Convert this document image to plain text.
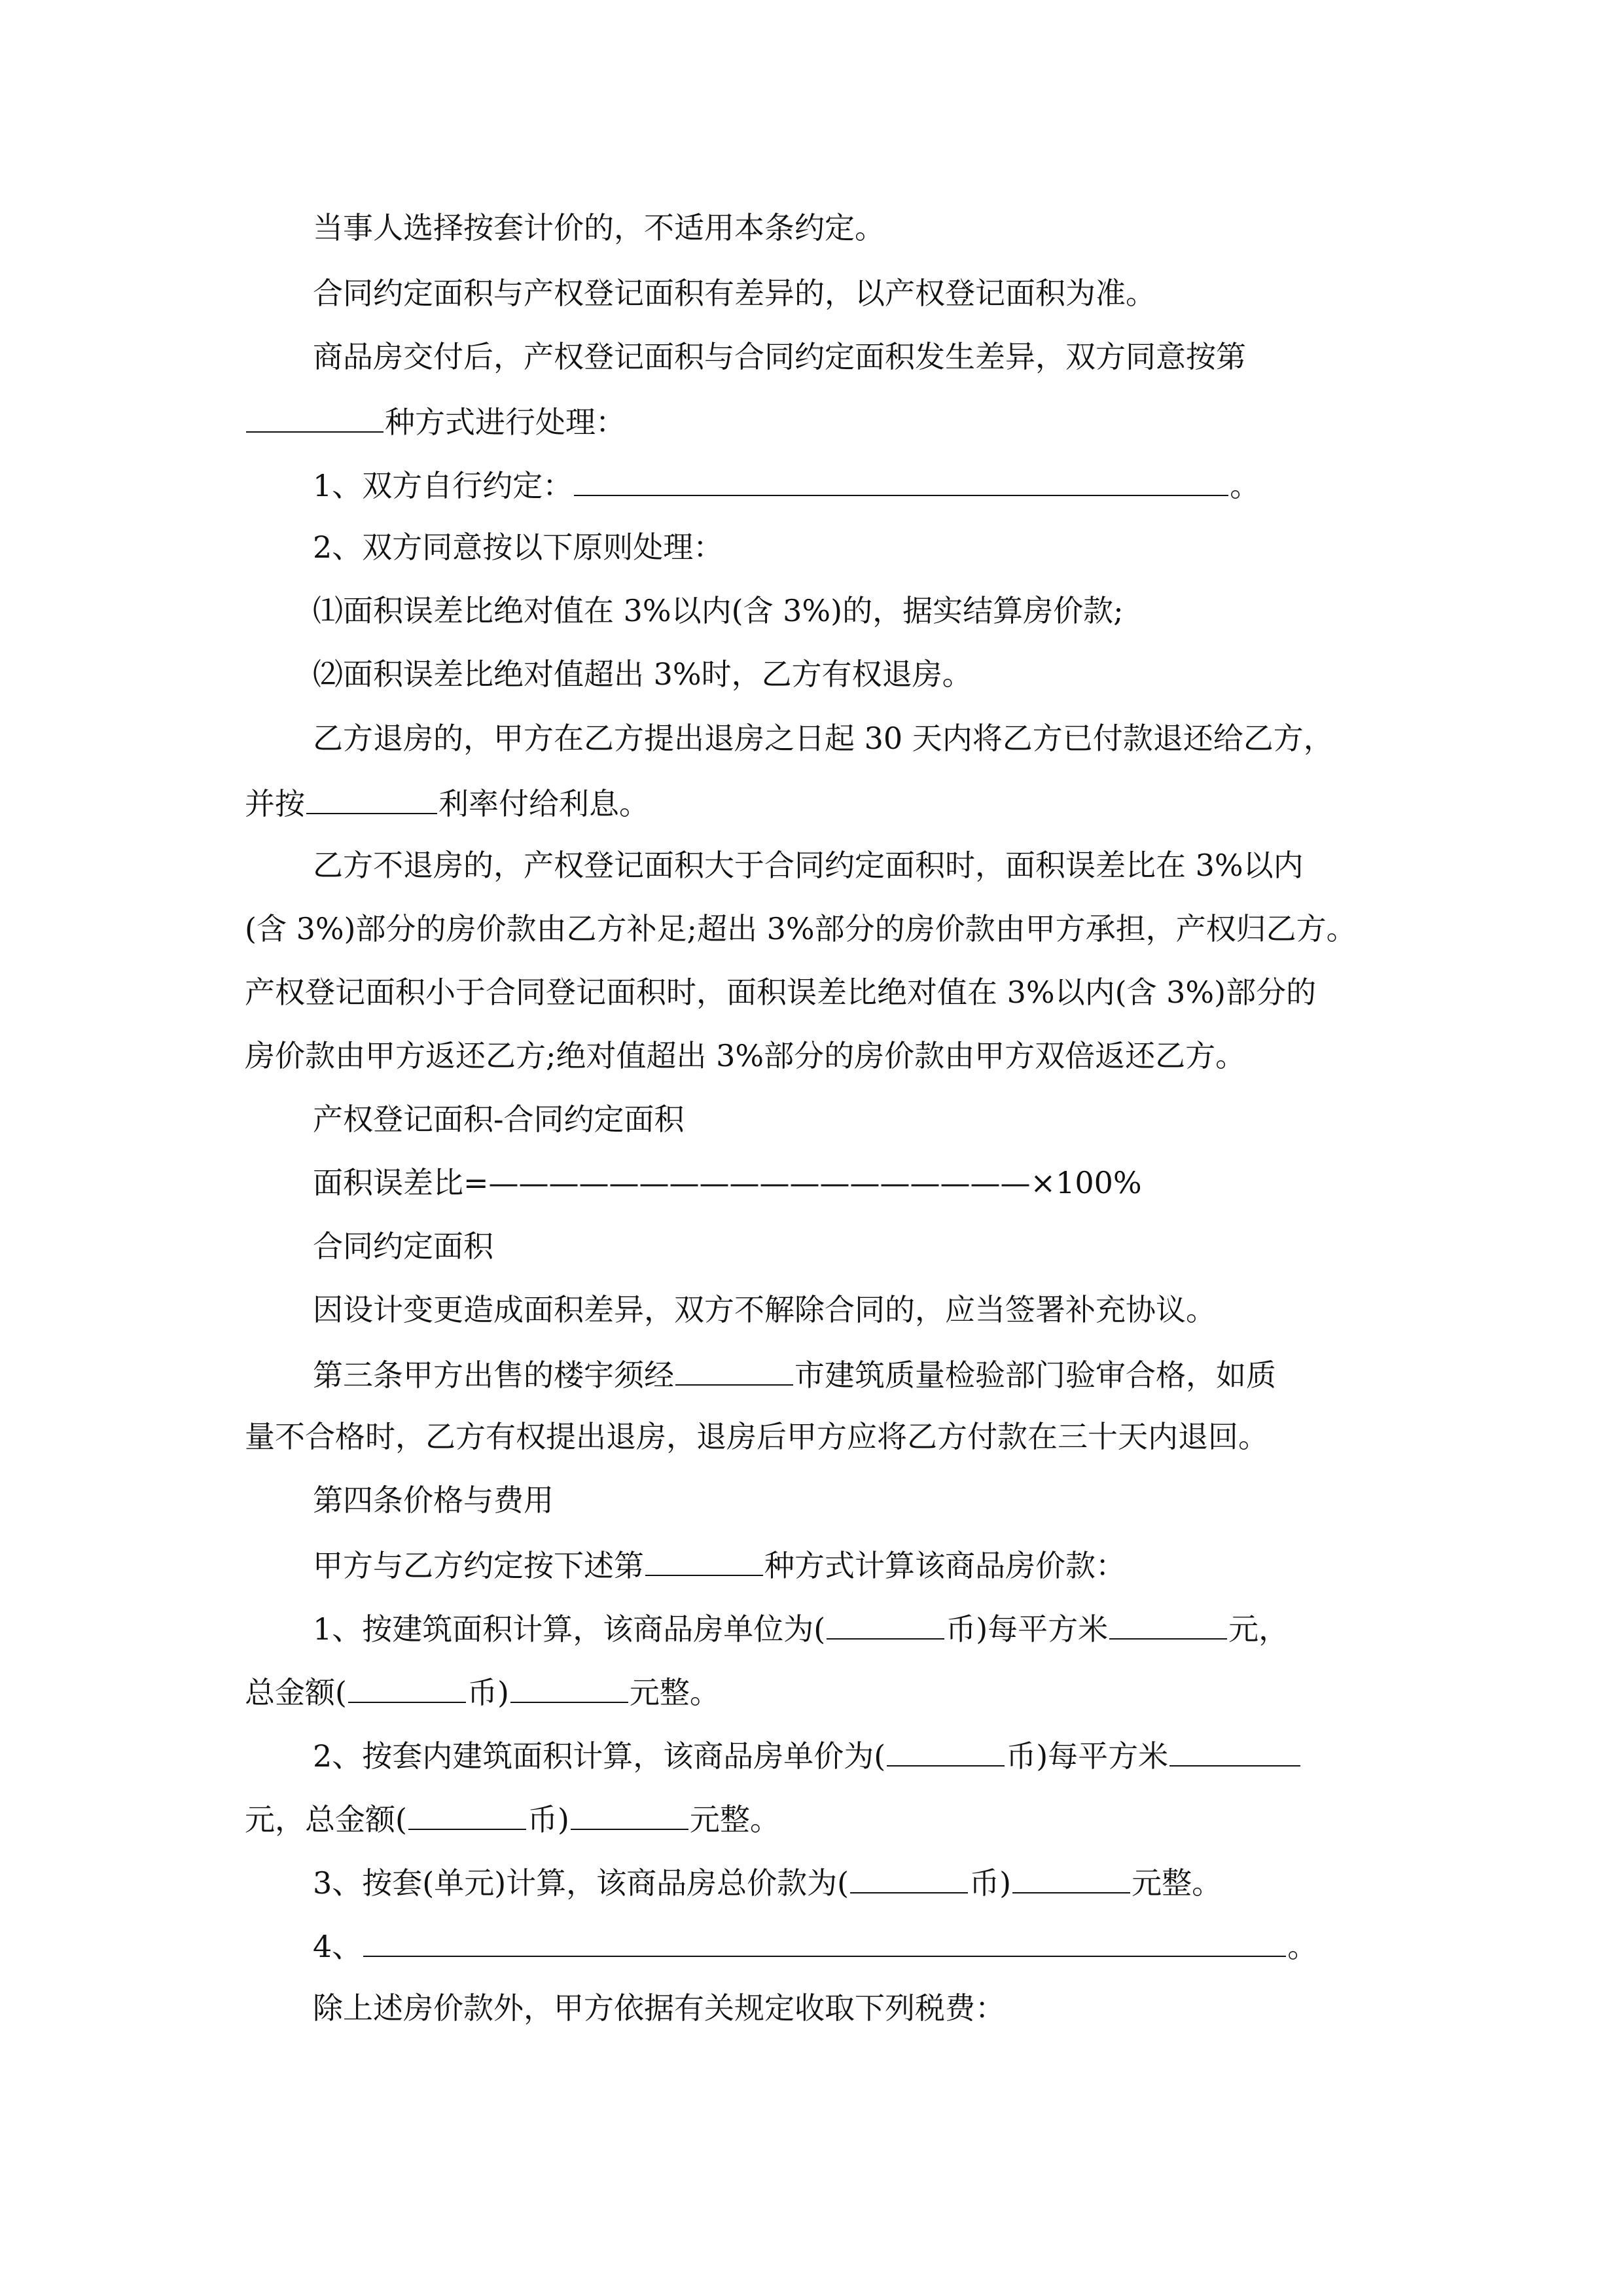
当事人选择按套计价的，不适用本条约定。
合同约定面积与产权登记面积有差异的，以产权登记面积为准。
商品房交付后，产权登记面积与合同约定面积发生差异，双方同意按第
种方式进行处理：
1、双方自行约定：	。
2、双方同意按以下原则处理：
⑴面积误差比绝对值在 3%以内(含 3%)的，据实结算房价款;
⑵面积误差比绝对值超出 3%时，乙方有权退房。
乙方退房的，甲方在乙方提出退房之日起 30 天内将乙方已付款退还给乙方，
并按	利率付给利息。
乙方不退房的，产权登记面积大于合同约定面积时，面积误差比在 3%以内
(含 3%)部分的房价款由乙方补足;超出 3%部分的房价款由甲方承担，产权归乙方。
产权登记面积小于合同登记面积时，面积误差比绝对值在 3%以内(含 3%)部分的
房价款由甲方返还乙方;绝对值超出 3%部分的房价款由甲方双倍返还乙方。
产权登记面积-合同约定面积
面积误差比=——————————————————×100%
合同约定面积
因设计变更造成面积差异，双方不解除合同的，应当签署补充协议。
第三条甲方出售的楼宇须经	市建筑质量检验部门验审合格，如质
量不合格时，乙方有权提出退房，退房后甲方应将乙方付款在三十天内退回。
第四条价格与费用
甲方与乙方约定按下述第	种方式计算该商品房价款：
1、按建筑面积计算，该商品房单位为(	币)每平方米	元，
总金额(	币)	元整。
2、按套内建筑面积计算，该商品房单价为(	币)每平方米
元，总金额(	币)	元整。
3、按套(单元)计算，该商品房总价款为(	币)	元整。
4、	。
除上述房价款外，甲方依据有关规定收取下列税费：
